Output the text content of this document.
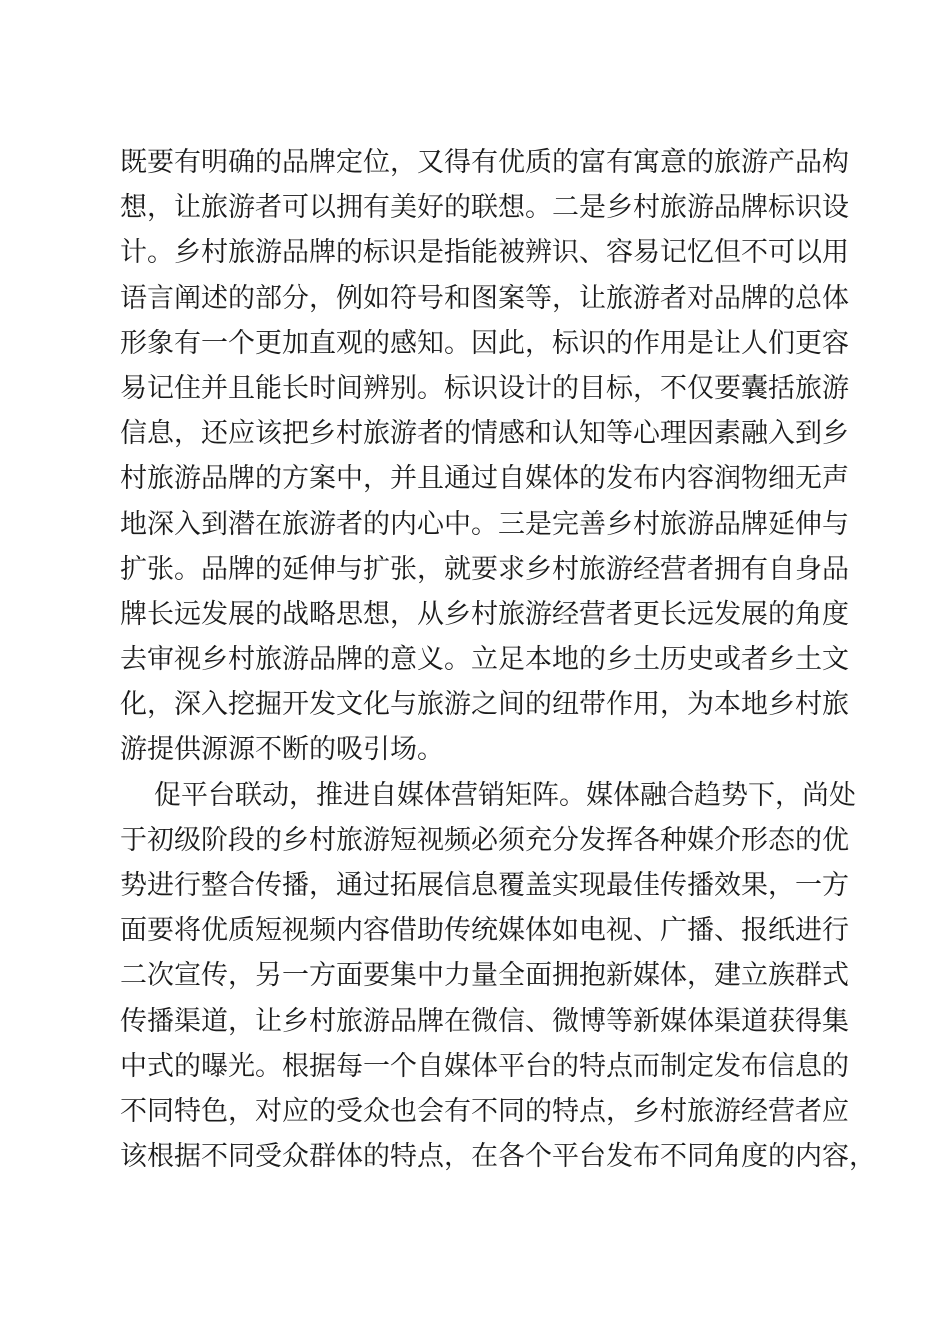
既要有明确的品牌定位，又得有优质的富有寓意的旅游产品构
想，让旅游者可以拥有美好的联想。二是乡村旅游品牌标识设
计。乡村旅游品牌的标识是指能被辨识、容易记忆但不可以用
语言阐述的部分，例如符号和图案等，让旅游者对品牌的总体
形象有一个更加直观的感知。因此，标识的作用是让人们更容
易记住并且能长时间辨别。标识设计的目标，不仅要囊括旅游
信息，还应该把乡村旅游者的情感和认知等心理因素融入到乡
村旅游品牌的方案中，并且通过自媒体的发布内容润物细无声
地深入到潜在旅游者的内心中。三是完善乡村旅游品牌延伸与
扩张。品牌的延伸与扩张，就要求乡村旅游经营者拥有自身品
牌长远发展的战略思想，从乡村旅游经营者更长远发展的角度
去审视乡村旅游品牌的意义。立足本地的乡土历史或者乡土文
化，深入挖掘开发文化与旅游之间的纽带作用，为本地乡村旅
游提供源源不断的吸引场。
促平台联动，推进自媒体营销矩阵。媒体融合趋势下，尚处
于初级阶段的乡村旅游短视频必须充分发挥各种媒介形态的优
势进行整合传播，通过拓展信息覆盖实现最佳传播效果，一方
面要将优质短视频内容借助传统媒体如电视、广播、报纸进行
二次宣传，另一方面要集中力量全面拥抱新媒体，建立族群式
传播渠道，让乡村旅游品牌在微信、微博等新媒体渠道获得集
中式的曝光。根据每一个自媒体平台的特点而制定发布信息的
不同特色，对应的受众也会有不同的特点，乡村旅游经营者应
该根据不同受众群体的特点，在各个平台发布不同角度的内容，
